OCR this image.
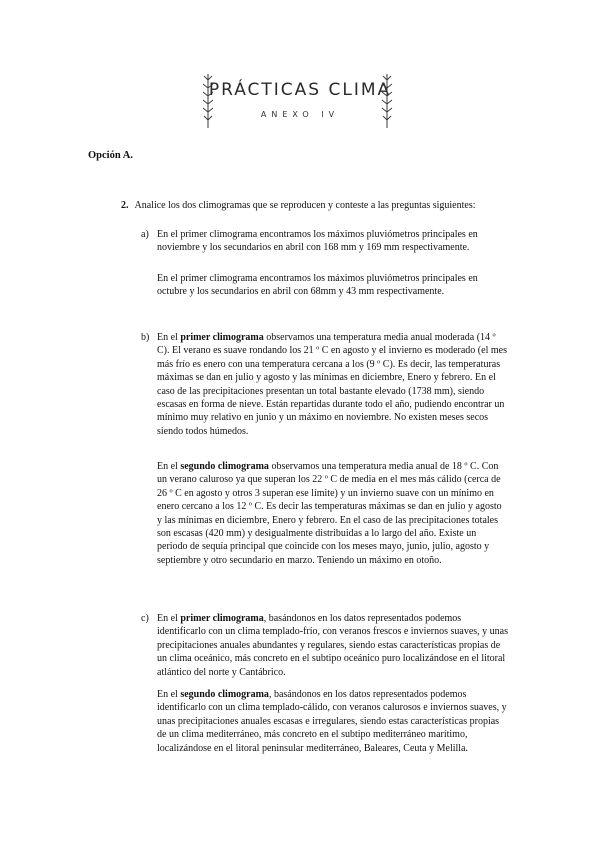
PRÁCTICAS CLIMA
ANEXO IV
Opción A.
2. Analice los dos climogramas que se reproducen y conteste a las preguntas siguientes:
a) En el primer climograma encontramos los máximos pluviómetros principales en noviembre y los secundarios en abril con 168 mm y 169 mm respectivamente.
En el primer climograma encontramos los máximos pluviómetros principales en octubre y los secundarios en abril con 68mm y 43 mm respectivamente.
b) En el primer climograma observamos una temperatura media anual moderada (14 º C). El verano es suave rondando los 21 º C en agosto y el invierno es moderado (el mes más frío es enero con una temperatura cercana a los (9 º C). Es decir, las temperaturas máximas se dan en julio y agosto y las mínimas en diciembre, Enero y febrero. En el caso de las precipitaciones presentan un total bastante elevado (1738 mm), siendo escasas en forma de nieve. Están repartidas durante todo el año, pudiendo encontrar un mínimo muy relativo en junio y un máximo en noviembre. No existen meses secos siendo todos húmedos.
En el segundo climograma observamos una temperatura media anual de 18 º C. Con un verano caluroso ya que superan los 22 º C de media en el mes más cálido (cerca de 26 º C en agosto y otros 3 superan ese límite) y un invierno suave con un mínimo en enero cercano a los 12 º C. Es decir las temperaturas máximas se dan en julio y agosto y las mínimas en diciembre, Enero y febrero. En el caso de las precipitaciones totales son escasas (420 mm) y desigualmente distribuidas a lo largo del año. Existe un periodo de sequía principal que coincide con los meses mayo, junio, julio, agosto y septiembre y otro secundario en marzo. Teniendo un máximo en otoño.
c) En el primer climograma, basándonos en los datos representados podemos identificarlo con un clima templado-frío, con veranos frescos e inviernos suaves, y unas precipitaciones anuales abundantes y regulares, siendo estas características propias de un clima oceánico, más concreto en el subtipo oceánico puro localizándose en el litoral atlántico del norte y Cantábrico.
En el segundo climograma, basándonos en los datos representados podemos identificarlo con un clima templado-cálido, con veranos calurosos e inviernos suaves, y unas precipitaciones anuales escasas e irregulares, siendo estas características propias de un clima mediterráneo, más concreto en el subtipo mediterráneo marítimo, localizándose en el litoral peninsular mediterráneo, Baleares, Ceuta y Melilla.
